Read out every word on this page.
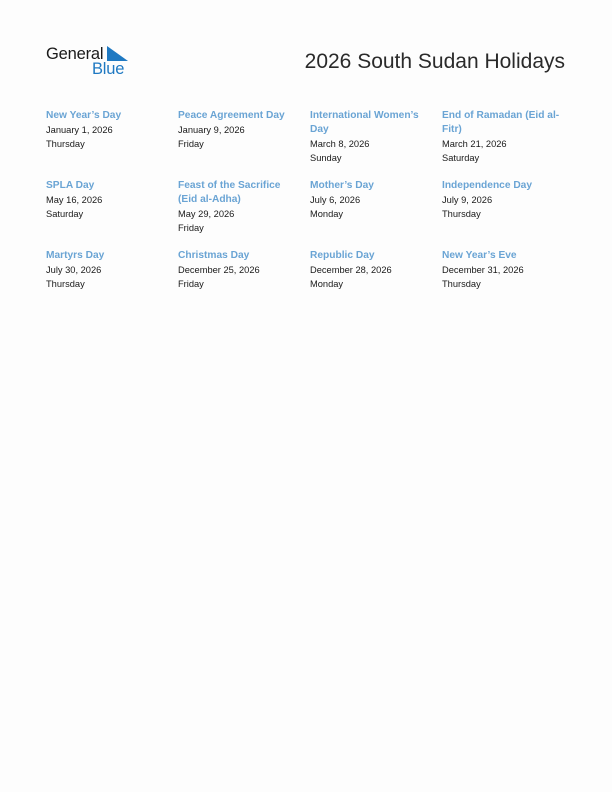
General
Blue	2026 South Sudan Holidays
New Year’s Day
January 1, 2026
Thursday
Peace Agreement Day
January 9, 2026
Friday
International Women’s Day
March 8, 2026
Sunday
End of Ramadan (Eid al-Fitr)
March 21, 2026
Saturday
SPLA Day
May 16, 2026
Saturday
Feast of the Sacrifice (Eid al-Adha)
May 29, 2026
Friday
Mother’s Day
July 6, 2026
Monday
Independence Day
July 9, 2026
Thursday
Martyrs Day
July 30, 2026
Thursday
Christmas Day
December 25, 2026
Friday
Republic Day
December 28, 2026
Monday
New Year’s Eve
December 31, 2026
Thursday
